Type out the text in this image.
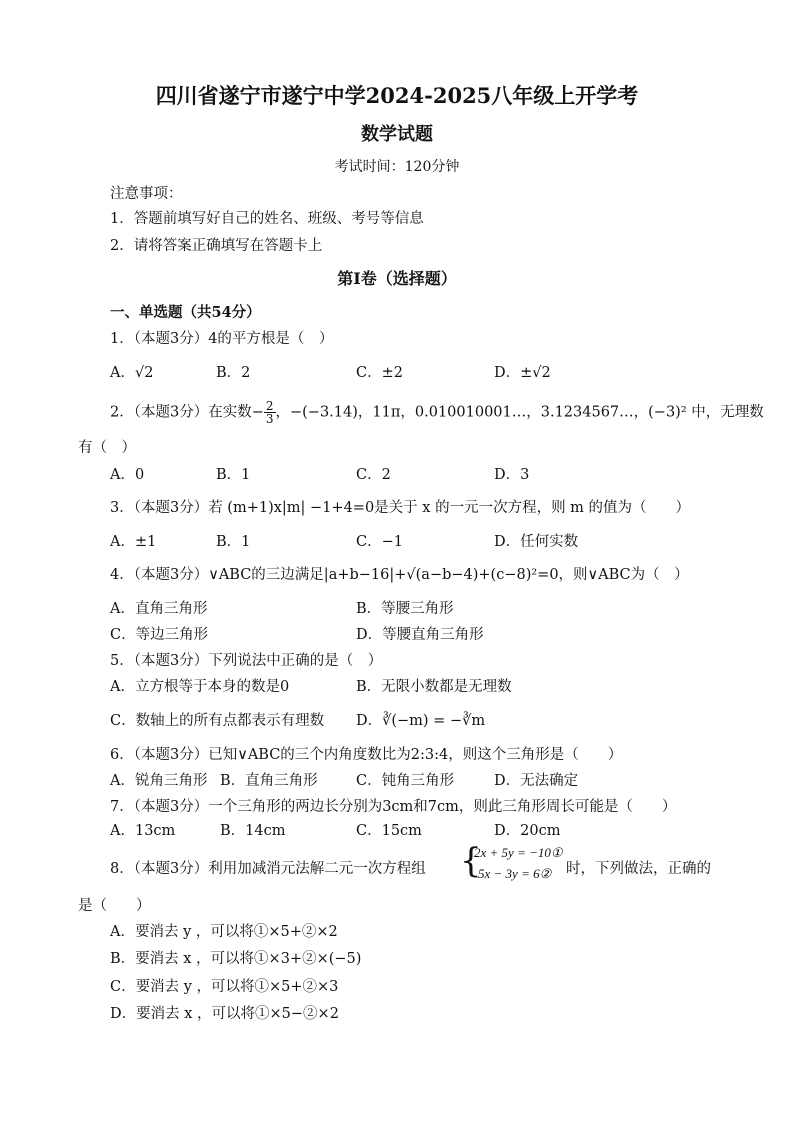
四川省遂宁市遂宁中学2024-2025八年级上开学考
数学试题
考试时间：120分钟
注意事项：
1．答题前填写好自己的姓名、班级、考号等信息
2．请将答案正确填写在答题卡上
第I卷（选择题）
一、单选题（共54分）
1．（本题3分）4的平方根是（　）
A．√2	B．2	C．±2	D．±√2
2．（本题3分）在实数− $\frac{2}{3}$ ，−(−3.14)，11π，0.010010001…，3.1234567…，(−3)² 中，无理数
有（　）
A．0	B．1	C．2	D．3
3．（本题3分）若 (m+1)x|m| −1+4=0是关于 x 的一元一次方程，则 m 的值为（　　）
A．±1	B．1	C．−1	D．任何实数
4．（本题3分）∨ABC的三边满足|a+b−16|+√(a−b−4)+(c−8)²=0，则∨ABC为（　）
A．直角三角形	B．等腰三角形
C．等边三角形	D．等腰直角三角形
5．（本题3分）下列说法中正确的是（　）
A．立方根等于本身的数是0	B．无限小数都是无理数
C．数轴上的所有点都表示有理数 D．∛(−m) = −∛m
6．（本题3分）已知∨ABC的三个内角度数比为2:3:4，则这个三角形是（　　）
A．锐角三角形 B．直角三角形	C．钝角三角形	D．无法确定
7．（本题3分）一个三角形的两边长分别为3cm和7cm，则此三角形周长可能是（　　）
A．13cm	B．14cm	C．15cm	D．20cm
8．（本题3分）利用加减消元法解二元一次方程组 {
2x + 5y = −10①
5x − 3y = 6② 时，下列做法，正确的
是（　　）
A．要消去 y ，可以将①×5+②×2
B．要消去 x ，可以将①×3+②×(−5)
C．要消去 y ，可以将①×5+②×3
D．要消去 x ，可以将①×5−②×2
